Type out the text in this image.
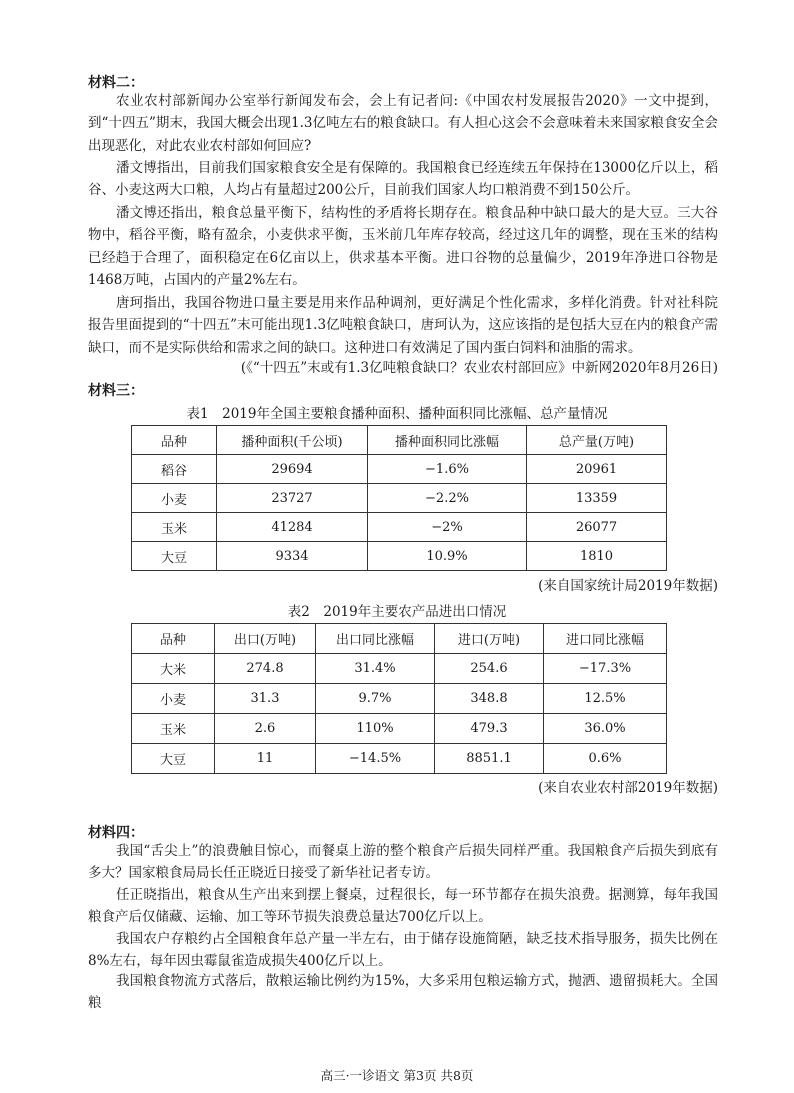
材料二：

农业农村部新闻办公室举行新闻发布会，会上有记者问:《中国农村发展报告2020》一文中提到，到“十四五”期末，我国大概会出现1.3亿吨左右的粮食缺口。有人担心这会不会意味着未来国家粮食安全会出现恶化，对此农业农村部如何回应?

潘文博指出，目前我们国家粮食安全是有保障的。我国粮食已经连续五年保持在13000亿斤以上，稻谷、小麦这两大口粮，人均占有量超过200公斤，目前我们国家人均口粮消费不到150公斤。

潘文博还指出，粮食总量平衡下，结构性的矛盾将长期存在。粮食品种中缺口最大的是大豆。三大谷物中，稻谷平衡，略有盈余，小麦供求平衡，玉米前几年库存较高，经过这几年的调整，现在玉米的结构已经趋于合理了，面积稳定在6亿亩以上，供求基本平衡。进口谷物的总量偏少，2019年净进口谷物是1468万吨，占国内的产量2%左右。

唐珂指出，我国谷物进口量主要是用来作品种调剂，更好满足个性化需求，多样化消费。针对社科院报告里面提到的“十四五”末可能出现1.3亿吨粮食缺口，唐珂认为，这应该指的是包括大豆在内的粮食产需缺口，而不是实际供给和需求之间的缺口。这种进口有效满足了国内蛋白饲料和油脂的需求。

(《“十四五”末或有1.3亿吨粮食缺口？农业农村部回应》中新网2020年8月26日)
材料三：
表1　2019年全国主要粮食播种面积、播种面积同比涨幅、总产量情况
品种	播种面积(千公顷)	播种面积同比涨幅	总产量(万吨)
稻谷	29694	−1.6%	20961
小麦	23727	−2.2%	13359
玉米	41284	−2%	26077
大豆	9334	10.9%	1810
(来自国家统计局2019年数据)
表2　2019年主要农产品进出口情况
品种	出口(万吨)	出口同比涨幅	进口(万吨)	进口同比涨幅
大米	274.8	31.4%	254.6	−17.3%
小麦	31.3	9.7%	348.8	12.5%
玉米	2.6	110%	479.3	36.0%
大豆	11	−14.5%	8851.1	0.6%
(来自农业农村部2019年数据)
材料四：

我国“舌尖上”的浪费触目惊心，而餐桌上游的整个粮食产后损失同样严重。我国粮食产后损失到底有多大？国家粮食局局长任正晓近日接受了新华社记者专访。

任正晓指出，粮食从生产出来到摆上餐桌，过程很长，每一环节都存在损失浪费。据测算，每年我国粮食产后仅储藏、运输、加工等环节损失浪费总量达700亿斤以上。

我国农户存粮约占全国粮食年总产量一半左右，由于储存设施简陋，缺乏技术指导服务，损失比例在8%左右，每年因虫霉鼠雀造成损失400亿斤以上。

我国粮食物流方式落后，散粮运输比例约为15%，大多采用包粮运输方式，抛洒、遗留损耗大。全国粮

高三·一诊语文 第3页 共8页
